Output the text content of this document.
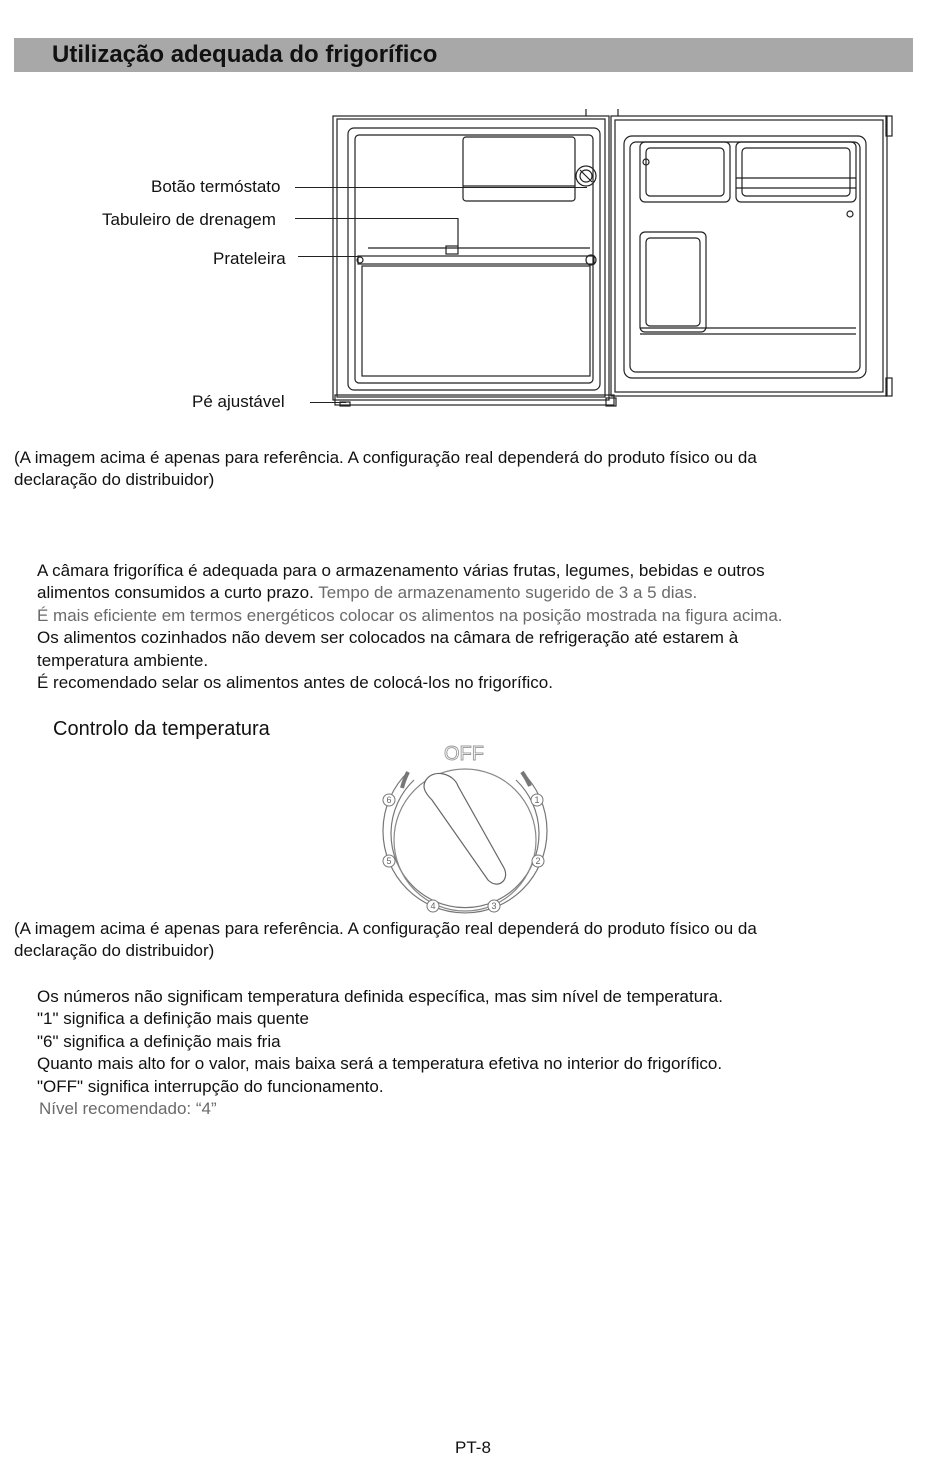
Utilização adequada do frigorífico
Botão termóstato
Tabuleiro de drenagem
Prateleira
Pé ajustável
(A imagem acima é apenas para referência. A configuração real dependerá do produto físico ou da
declaração do distribuidor)
A câmara frigorífica é adequada para o armazenamento várias frutas, legumes, bebidas e outros
alimentos consumidos a curto prazo. Tempo de armazenamento sugerido de 3 a 5 dias.
É mais eficiente em termos energéticos colocar os alimentos na posição mostrada na figura acima.
Os alimentos cozinhados não devem ser colocados na câmara de refrigeração até estarem à
temperatura ambiente.
É recomendado selar os alimentos antes de colocá-los no frigorífico.
Controlo da temperatura
OFF
1
2
3
4
5
6
(A imagem acima é apenas para referência. A configuração real dependerá do produto físico ou da
declaração do distribuidor)
Os números não significam temperatura definida específica, mas sim nível de temperatura.
"1" significa a definição mais quente
"6" significa a definição mais fria
Quanto mais alto for o valor, mais baixa será a temperatura efetiva no interior do frigorífico.
"OFF" significa interrupção do funcionamento.
Nível recomendado: “4”
PT-8
